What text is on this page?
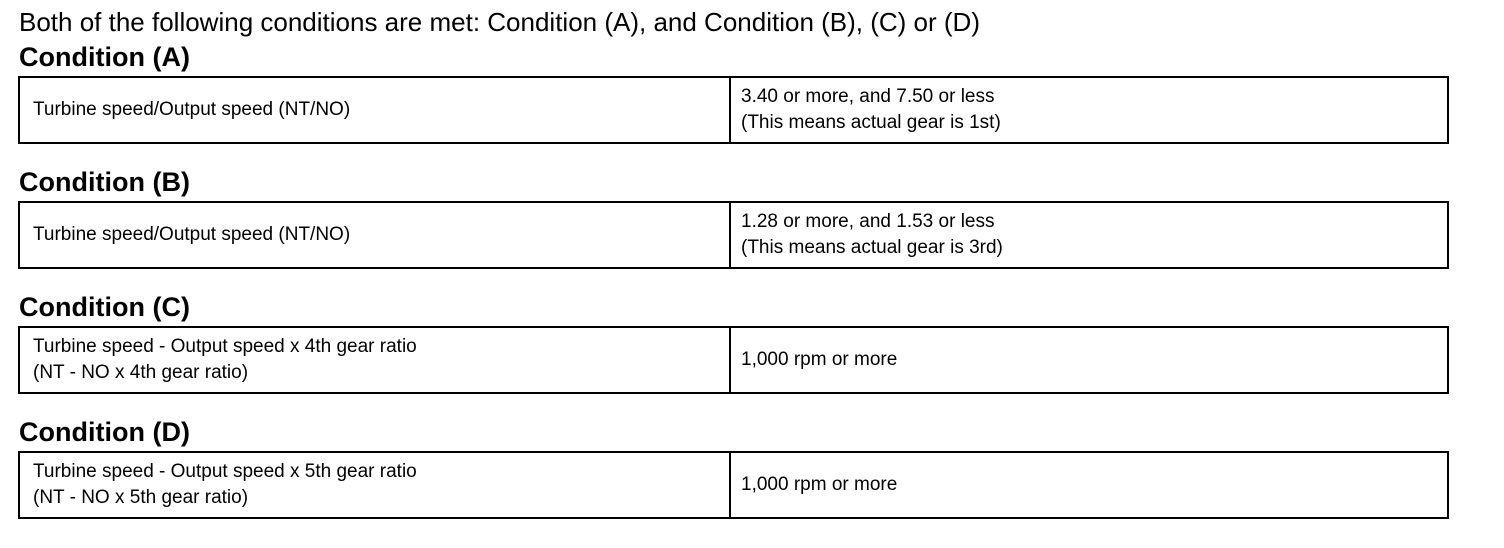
Both of the following conditions are met: Condition (A), and Condition (B), (C) or (D)
Condition (A)
Turbine speed/Output speed (NT/NO)

3.40 or more, and 7.50 or less
(This means actual gear is 1st)
Condition (B)
Turbine speed/Output speed (NT/NO)

1.28 or more, and 1.53 or less
(This means actual gear is 3rd)
Condition (C)
Turbine speed - Output speed x 4th gear ratio
(NT - NO x 4th gear ratio)

1,000 rpm or more
Condition (D)
Turbine speed - Output speed x 5th gear ratio
(NT - NO x 5th gear ratio)

1,000 rpm or more
